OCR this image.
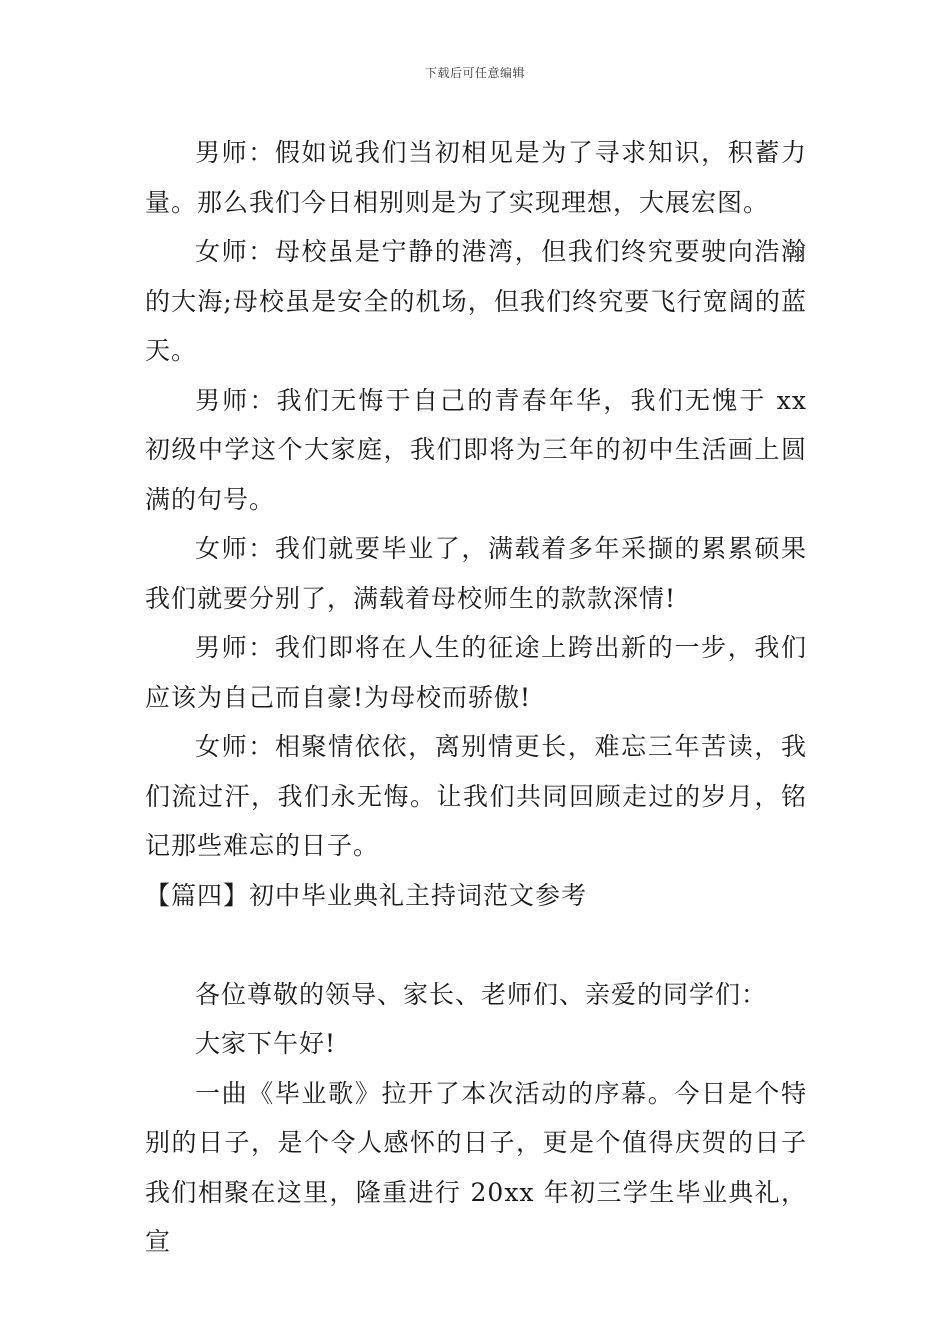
下载后可任意编辑

男师：假如说我们当初相见是为了寻求知识，积蓄力量。那么我们今日相别则是为了实现理想，大展宏图。

女师：母校虽是宁静的港湾，但我们终究要驶向浩瀚的大海;母校虽是安全的机场，但我们终究要飞行宽阔的蓝天。

男师：我们无悔于自己的青春年华，我们无愧于 xx 初级中学这个大家庭，我们即将为三年的初中生活画上圆满的句号。

女师：我们就要毕业了，满载着多年采撷的累累硕果我们就要分别了，满载着母校师生的款款深情!

男师：我们即将在人生的征途上跨出新的一步，我们应该为自己而自豪!为母校而骄傲!

女师：相聚情依依，离别情更长，难忘三年苦读，我们流过汗，我们永无悔。让我们共同回顾走过的岁月，铭记那些难忘的日子。

【篇四】初中毕业典礼主持词范文参考

各位尊敬的领导、家长、老师们、亲爱的同学们：

大家下午好!

一曲《毕业歌》拉开了本次活动的序幕。今日是个特别的日子，是个令人感怀的日子，更是个值得庆贺的日子我们相聚在这里，隆重进行 20xx 年初三学生毕业典礼，宣
